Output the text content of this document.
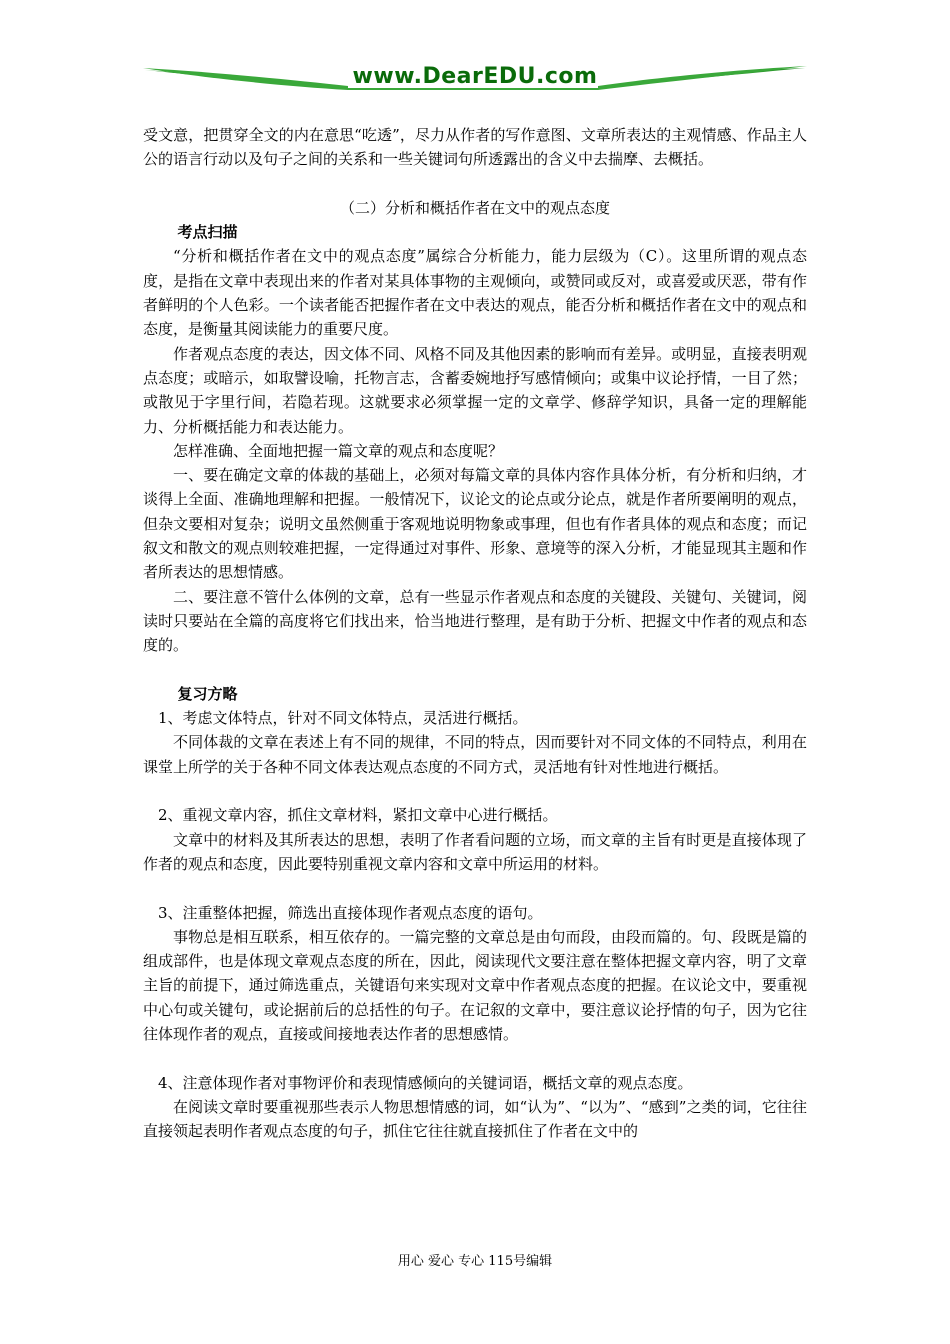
www.DearEDU.com

受文意，把贯穿全文的内在意思“吃透”，尽力从作者的写作意图、文章所表达的主观情感、作品主人公的语言行动以及句子之间的关系和一些关键词句所透露出的含义中去揣摩、去概括。

（二）分析和概括作者在文中的观点态度

考点扫描

“分析和概括作者在文中的观点态度”属综合分析能力，能力层级为（C）。这里所谓的观点态度，是指在文章中表现出来的作者对某具体事物的主观倾向，或赞同或反对，或喜爱或厌恶，带有作者鲜明的个人色彩。一个读者能否把握作者在文中表达的观点，能否分析和概括作者在文中的观点和态度，是衡量其阅读能力的重要尺度。

作者观点态度的表达，因文体不同、风格不同及其他因素的影响而有差异。或明显，直接表明观点态度；或暗示，如取譬设喻，托物言志，含蓄委婉地抒写感情倾向；或集中议论抒情，一目了然；或散见于字里行间，若隐若现。这就要求必须掌握一定的文章学、修辞学知识，具备一定的理解能力、分析概括能力和表达能力。

怎样准确、全面地把握一篇文章的观点和态度呢？

一、要在确定文章的体裁的基础上，必须对每篇文章的具体内容作具体分析，有分析和归纳，才谈得上全面、准确地理解和把握。一般情况下，议论文的论点或分论点，就是作者所要阐明的观点，但杂文要相对复杂；说明文虽然侧重于客观地说明物象或事理，但也有作者具体的观点和态度；而记叙文和散文的观点则较难把握，一定得通过对事件、形象、意境等的深入分析，才能显现其主题和作者所表达的思想情感。

二、要注意不管什么体例的文章，总有一些显示作者观点和态度的关键段、关键句、关键词，阅读时只要站在全篇的高度将它们找出来，恰当地进行整理，是有助于分析、把握文中作者的观点和态度的。

复习方略

1、考虑文体特点，针对不同文体特点，灵活进行概括。

不同体裁的文章在表述上有不同的规律，不同的特点，因而要针对不同文体的不同特点，利用在课堂上所学的关于各种不同文体表达观点态度的不同方式，灵活地有针对性地进行概括。

2、重视文章内容，抓住文章材料，紧扣文章中心进行概括。

文章中的材料及其所表达的思想，表明了作者看问题的立场，而文章的主旨有时更是直接体现了作者的观点和态度，因此要特别重视文章内容和文章中所运用的材料。

3、注重整体把握，筛选出直接体现作者观点态度的语句。

事物总是相互联系，相互依存的。一篇完整的文章总是由句而段，由段而篇的。句、段既是篇的组成部件，也是体现文章观点态度的所在，因此，阅读现代文要注意在整体把握文章内容，明了文章主旨的前提下，通过筛选重点，关键语句来实现对文章中作者观点态度的把握。在议论文中，要重视中心句或关键句，或论据前后的总括性的句子。在记叙的文章中，要注意议论抒情的句子，因为它往往体现作者的观点，直接或间接地表达作者的思想感情。

4、注意体现作者对事物评价和表现情感倾向的关键词语，概括文章的观点态度。

在阅读文章时要重视那些表示人物思想情感的词，如“认为”、“以为”、“感到”之类的词，它往往直接领起表明作者观点态度的句子，抓住它往往就直接抓住了作者在文中的

用心 爱心 专心 115号编辑
